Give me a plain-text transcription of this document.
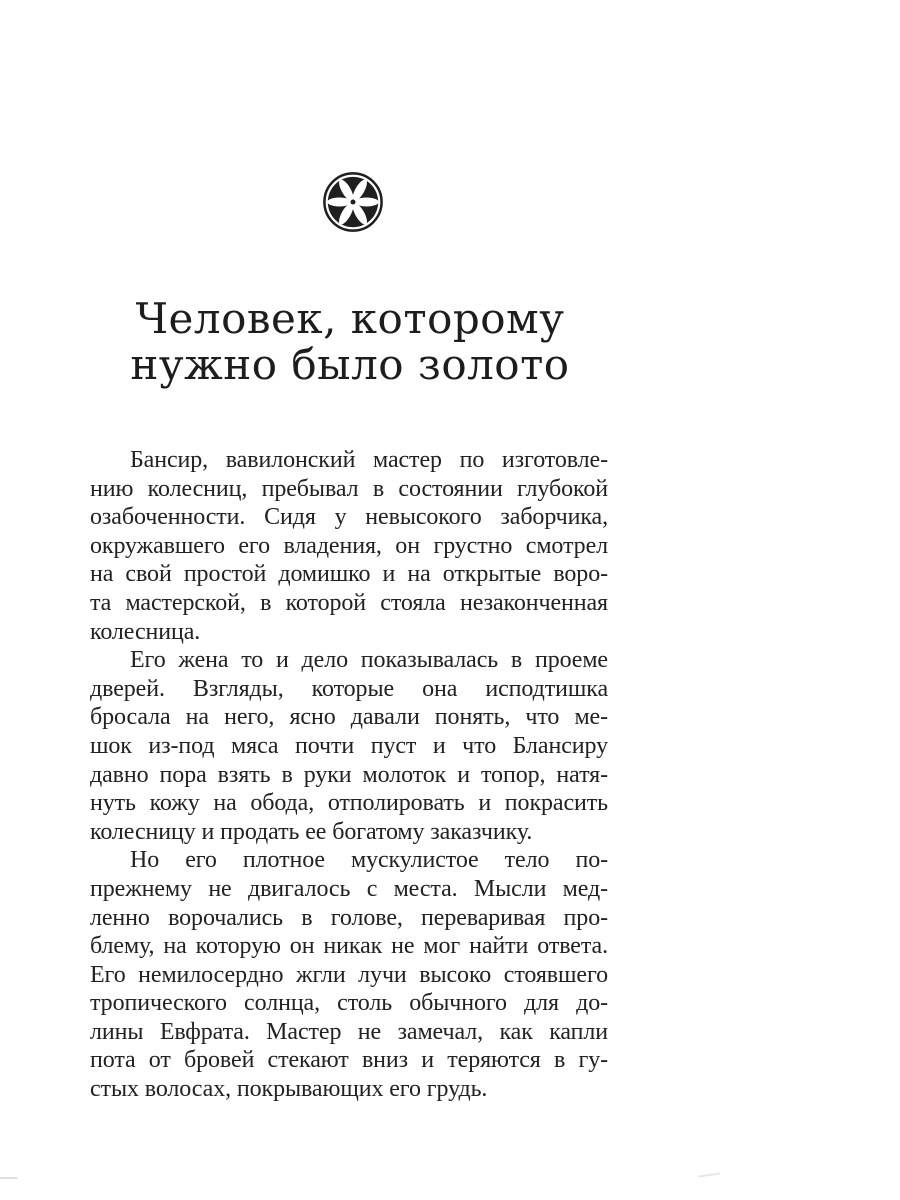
Человек, которому
нужно было золото
Бансир, вавилонский мастер по изготовле-
нию колесниц, пребывал в состоянии глубокой
озабоченности. Сидя у невысокого заборчика,
окружавшего его владения, он грустно смотрел
на свой простой домишко и на открытые воро-
та мастерской, в которой стояла незаконченная
колесница.
Его жена то и дело показывалась в проеме
дверей. Взгляды, которые она исподтишка
бросала на него, ясно давали понять, что ме-
шок из-под мяса почти пуст и что Блансиру
давно пора взять в руки молоток и топор, натя-
нуть кожу на обода, отполировать и покрасить
колесницу и продать ее богатому заказчику.
Но его плотное мускулистое тело по-
прежнему не двигалось с места. Мысли мед-
ленно ворочались в голове, переваривая про-
блему, на которую он никак не мог найти ответа.
Его немилосердно жгли лучи высоко стоявшего
тропического солнца, столь обычного для до-
лины Евфрата. Мастер не замечал, как капли
пота от бровей стекают вниз и теряются в гу-
стых волосах, покрывающих его грудь.
